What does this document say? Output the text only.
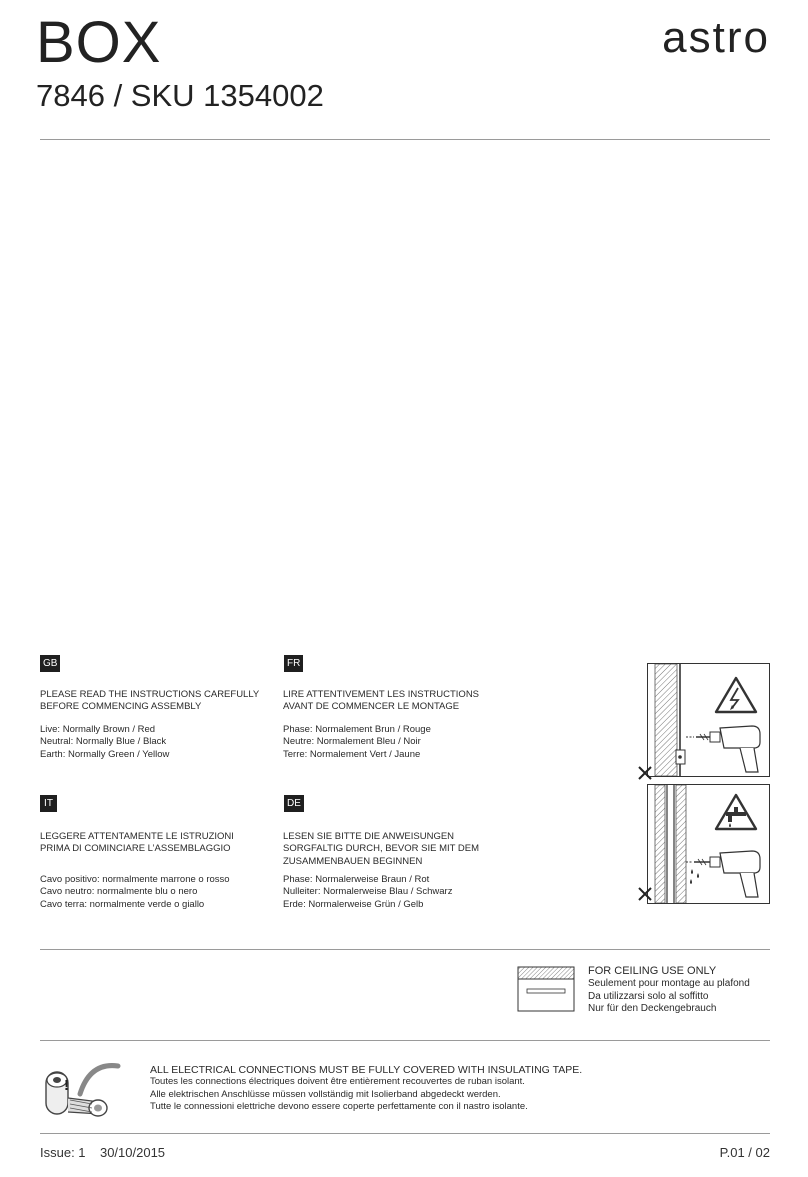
BOX
7846 / SKU 1354002
astro
GB

PLEASE READ THE INSTRUCTIONS CAREFULLY
BEFORE COMMENCING ASSEMBLY

Live: Normally Brown / Red
Neutral: Normally Blue / Black
Earth: Normally Green / Yellow

FR

LIRE ATTENTIVEMENT LES INSTRUCTIONS
AVANT DE COMMENCER LE MONTAGE

Phase: Normalement Brun / Rouge
Neutre: Normalement Bleu / Noir
Terre: Normalement Vert / Jaune

IT

LEGGERE ATTENTAMENTE LE ISTRUZIONI
PRIMA DI COMINCIARE L’ASSEMBLAGGIO

Cavo positivo: normalmente marrone o rosso
Cavo neutro: normalmente blu o nero
Cavo terra: normalmente verde o giallo

DE

LESEN SIE BITTE DIE ANWEISUNGEN
SORGFALTIG DURCH, BEVOR SIE MIT DEM
ZUSAMMENBAUEN BEGINNEN

Phase: Normalerweise Braun / Rot
Nulleiter: Normalerweise Blau / Schwarz
Erde: Normalerweise Grün / Gelb

FOR CEILING USE ONLY
Seulement pour montage au plafond
Da utilizzarsi solo al soffitto
Nur für den Deckengebrauch

!

ALL ELECTRICAL CONNECTIONS MUST BE FULLY COVERED WITH INSULATING TAPE.
Toutes les connections électriques doivent être entièrement recouvertes de ruban isolant.
Alle elektrischen Anschlüsse müssen vollständig mit Isolierband abgedeckt werden.
Tutte le connessioni elettriche devono essere coperte perfettamente con il nastro isolante.

Issue: 1    30/10/2015	P.01 / 02
